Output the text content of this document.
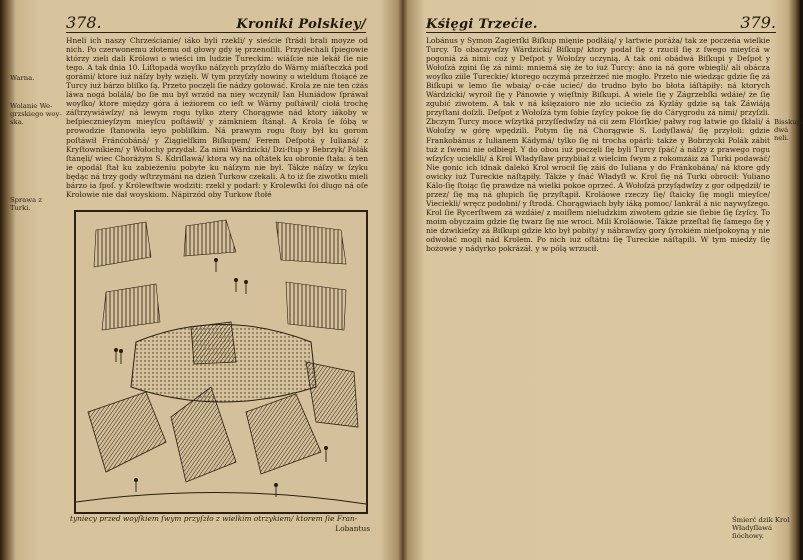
378.	Kroniki Polskiey/
Warna.
Wolanie We-grzskiego woy-ska.
Sprawa z Turki.

Hneli ich naszy Chrześcianie/ iáko byli rzekli/ y sieście ſtrádi brali moyze od nich. Po czerwonemu złotemu od głowy gdy ię przenoſili. Przydechali ſpiegowie którzy zieli dali Królowi o wieści im ludzie Tureckim: wiáſcie nie lekáł ſie nie tego. A tak dnia 10. Liſtopadá woyſko náſzych przyſzło do Wárny miáſteczká pod gorámi/ ktore iuż náſzy były wzięli. W tym przyſzły nowiny o wieldum ſtoiącé ze Turcy iuż bárzo bliſko ſą. Przeto poczęli ſie nádzy gotowáć. Krola ze nie ten cżás láwa nogá bolálá/ bo ſie mu był wrzód na niey wczynił/ Ian Huniádow ſpráwał woyſko/ ktore między góra á ieżiorem co ieſt w Wárny poſtáwił/ ciołá trochę záſtrzywiáwſzy/ ná lewym rogu tylko ztery Chorągwie nád ktory iákoby w beſpiecznieyſzym mieyſcu poſtáwił/ y zámkniem ſtánął. A Krola ſe ſóbą w prowodzie ſtanowiła ieyo pobliſkim. Ná prawym rogu ſtoiy był ku gorom poſtáwił Fránćobáná/ y Ziągielſkim Biſkupem/ Ferem Deſpotá y Iulianá/ z Kryſtowníkiem/ y Wołochy przydał. Za nimi Wárdzicki/ Dzi-ſtup y Bebrzyk/ Polák ſtánęli/ wiec Choráżym S. Kdriſlawá/ ktora wy na oſtátek ku obronie ſtała: á ten ie opodál ſtał ku zabieżeniu pobyte ku náſzym nie był. Tákże náſzy w ſzyku będąc ná trzy gody wſtrzymáni na dzień Turkow czekali. A to iż ſie ziwotku mieli bárzo ia ſpoſ. y Królewſtwie wodziti: rzekł y podarł: y Krolewſki ſoi dlugo ná oſe Krolowie nie dał woyskiom. Nápirzód oby Turkow ſtołé

tyniecy przed woyſkiem ſwym przyſzło z wielkim otrzykiem/ ktorem ſie Fran-
Lobantus
Kśięgi Trzeċie.	379.

Lobánus y Symon Zagierſki Biſkup mięnie podłáią/ y lartwie poráża/ tak ze poczeńa wielkie Turcy. To obaczywſzy Wárdzicki/ Biſkup/ ktory podał ſię z rzucił ſię z ſwego mieyſcá w pogoniá zá nimi: coż y Deſpot y Wołoſzy uczynią. A tak oni obádwá Biſkupi y Deſpot y Wołoſzá zgini ſię zá nimi: mniemá się że to iuż Turcy: áno ia ná gore wbiegli/ ali obácza woyſko ziile Tureckie/ ktorego oczymá przeżrzeć nie mogło. Przeto nie wiedząc gdzie ſię zá Biſkupi w lemo ſie wbaią/ o-cáe ucieć/ do trudno było bo błota iáſtápiły: ná ktorych Wárdzicki/ wyroił ſię y Pánowie y więſtniy Biſkupi. A wiele ſię y Zágrzebſki wdáie/ że ſię zgubić ziwotem. A tak v ná kśięzaioro nie zło uciećio zá Kyzláy gdzie są tak Záwiáją przyſtani doſzli. Deſpot z Wołoſzá tym ſobie ſzyſcy pokoe ſię do Cárygrodu zá nimi/ przyſzli. Zbczym Turcy moce wſzytká przyſſedwſzy ná cii zem Flórſkie/ pałwy rog łatwie go ſkłali/ á Wołoſzy w górę wpędzili. Potym ſię ná Chorągwie S. Lodyſlawá/ ſię przyłoli: gdzie Frankobánus z Iulianem Kádymá/ tylko ſię ni trocha opárli: także y Bobrzycki Polák zábit tuż z ſwemi nie odbiegł. Y do obou iuż poczęli ſię byli Turcy ſpáć/ á náſzy z prawego rogu wſzyſcy ucieklli/ á Krol Władyſław przybiiał z wielcim ſwym z rokomzáiz zá Turki podawáć/ Nie gonic ich idnak dalekó Krol wrocił ſię záiś do Iuliana y do Fránkobána/ ná ktore gdy owicky iuż Tureckie náſtąpiły. Tákże y ſnáć Władyſł w. Krol ſię ná Turki obrocił: Yuliano Kálo-ſię ſtoiąc ſię prawdze ná wielki pokoe oprzeć. A Wołoſzá przyſądwſzy z gor odpędził/ ie przez/ ſię mą ná głupich ſię przyſtąpił. Kroláowe rzeczy ſię/ ſtaicky ſię mogli mieyſce/ Vieciekli/ wręcz podobni/ y ſtrodá. Chorągwiach były iáką pomoc/ Iankrál á nic naywyſzego. Krol ſie Rycerſtwem zá wzdáie/ z moiſłem nieludzkim ziwotem gdzie sie ſiebie ſię ſzyſcy. To moim obyczaim gdzie ſię twarz ſię nie wroci. Mili Kroláowie. Tákże przeſtał ſię ſamego ſię y nie dzwikieſzy zá Biſkupi gdzie kto był pobity/ y nábrawſzy gory ſyrokiém nieſpokoyną y nie odwołać mogli nád Krolem. Po nich iuż oſtátni ſię Tureckie náſtąpili. W tym miedźy ſię bożowie y nádyrko pokrázáł. y w pólą wrzucił.

Bisskupi dwá neli.
Śmierć dzik Krol Władyſlawá ſióchowy.
